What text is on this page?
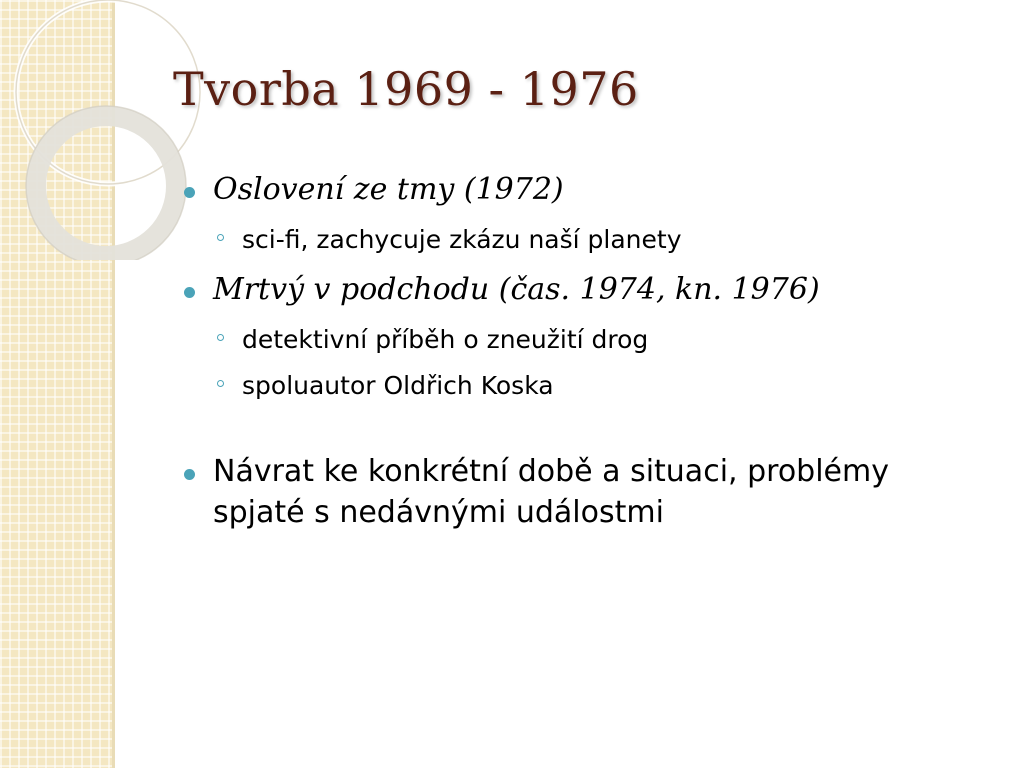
Tvorba 1969 - 1976

Oslovení ze tmy (1972)

sci-fi, zachycuje zkázu naší planety

Mrtvý v podchodu (čas. 1974, kn. 1976)

detektivní příběh o zneužití drog

spoluautor Oldřich Koska

Návrat ke konkrétní době a situaci, problémy spjaté s nedávnými událostmi
